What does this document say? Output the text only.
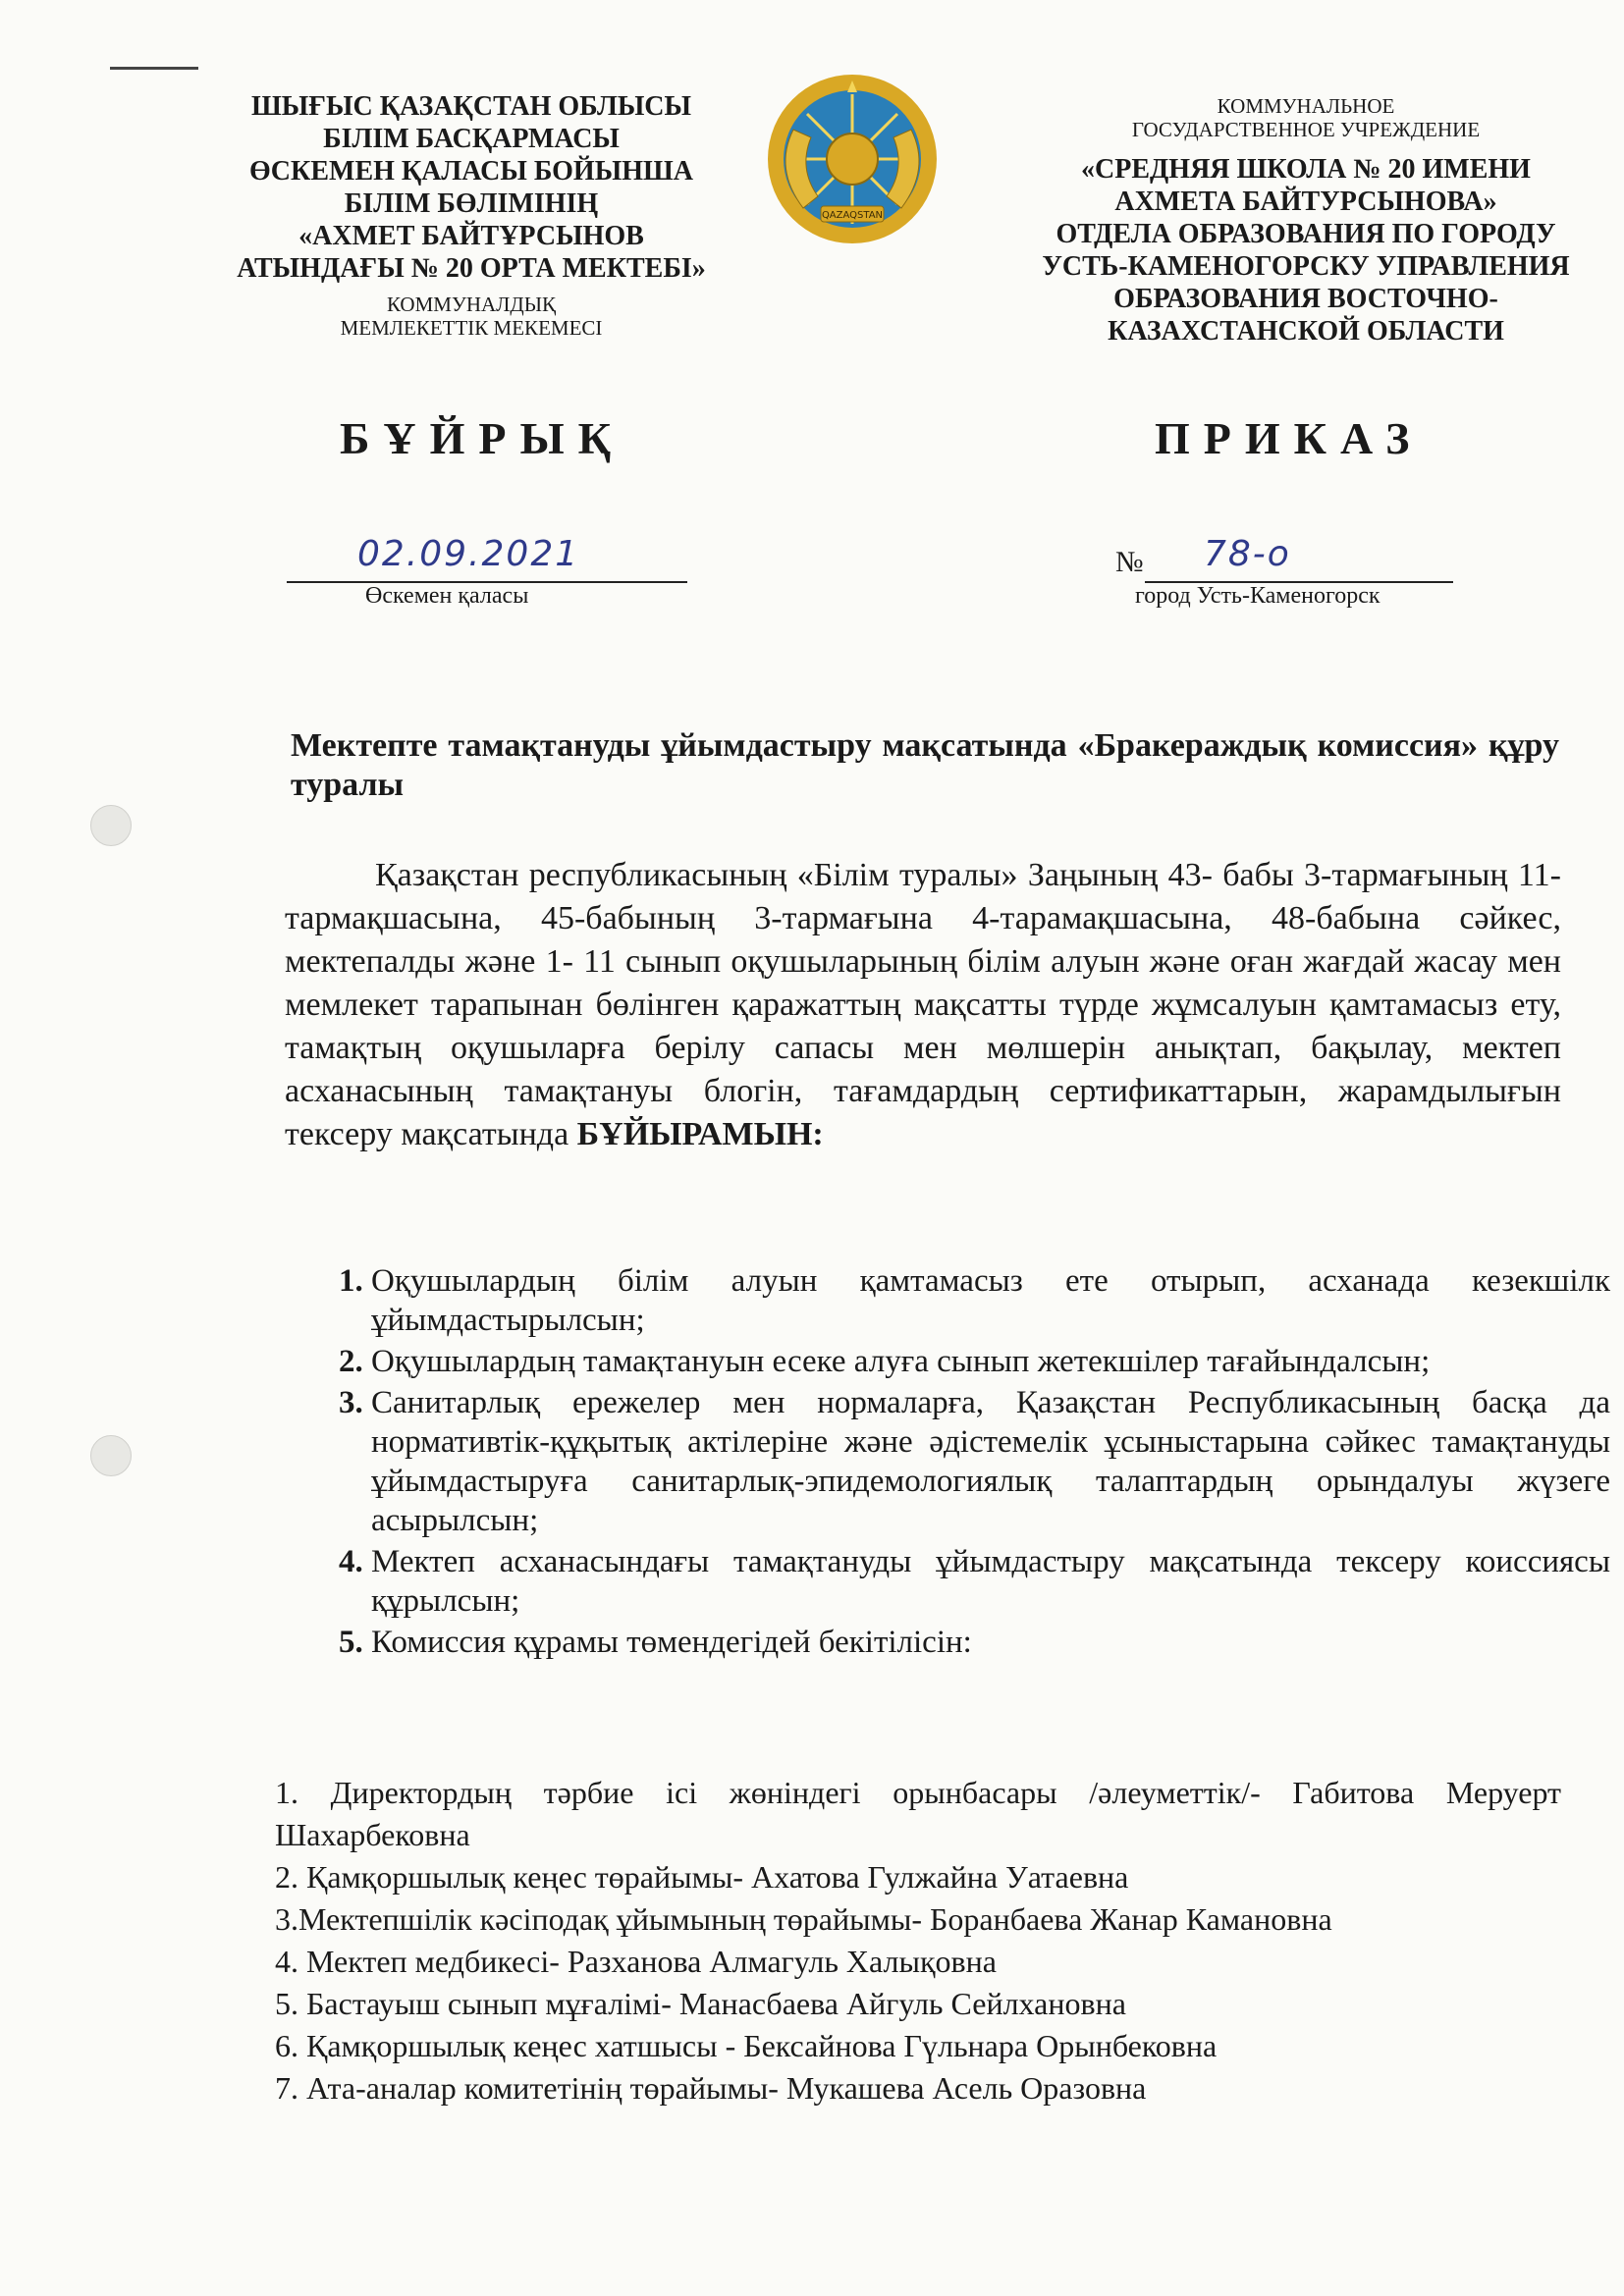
ШЫҒЫС ҚАЗАҚСТАН ОБЛЫСЫ
БІЛІМ БАСҚАРМАСЫ
ӨСКЕМЕН ҚАЛАСЫ БОЙЫНША
БІЛІМ БӨЛІМІНІҢ
«АХМЕТ БАЙТҰРСЫНОВ
АТЫНДАҒЫ № 20 ОРТА МЕКТЕБІ»
КОММУНАЛДЫҚ
МЕМЛЕКЕТТІК МЕКЕМЕСІ
QAZAQSTAN
КОММУНАЛЬНОЕ
ГОСУДАРСТВЕННОЕ УЧРЕЖДЕНИЕ
«СРЕДНЯЯ ШКОЛА № 20 ИМЕНИ
АХМЕТА БАЙТУРСЫНОВА»
ОТДЕЛА ОБРАЗОВАНИЯ ПО ГОРОДУ
УСТЬ-КАМЕНОГОРСКУ УПРАВЛЕНИЯ
ОБРАЗОВАНИЯ ВОСТОЧНО-
КАЗАХСТАНСКОЙ ОБЛАСТИ
БҰЙРЫҚ	ПРИКАЗ
02.09.2021
Өскемен қаласы
№ 78-о
город Усть-Каменогорск
Мектепте тамақтануды ұйымдастыру мақсатында «Бракераждық комиссия» құру туралы
Қазақстан республикасының «Білім туралы» Заңының 43- бабы 3-тармағының 11-тармақшасына, 45-бабының 3-тармағына 4-тарамақшасына, 48-бабына сәйкес, мектепалды және 1- 11 сынып оқушыларының білім алуын және оған жағдай жасау мен мемлекет тарапынан бөлінген қаражаттың мақсатты түрде жұмсалуын қамтамасыз ету, тамақтың оқушыларға берілу сапасы мен мөлшерін анықтап, бақылау, мектеп асханасының тамақтануы блогін, тағамдардың сертификаттарын, жарамдылығын тексеру мақсатында БҰЙЫРАМЫН:
1. Оқушылардың білім алуын қамтамасыз ете отырып, асханада кезекшілк ұйымдастырылсын;
2. Оқушылардың тамақтануын есеке алуға сынып жетекшілер тағайындалсын;
3. Санитарлық ережелер мен нормаларға, Қазақстан Республикасының басқа да нормативтік-құқытық актілеріне және әдістемелік ұсыныстарына сәйкес тамақтануды ұйымдастыруға санитарлық-эпидемологиялық талаптардың орындалуы жүзеге асырылсын;
4. Мектеп асханасындағы тамақтануды ұйымдастыру мақсатында тексеру коиссиясы құрылсын;
5. Комиссия құрамы төмендегідей бекітілісін:
1. Директордың тәрбие ісі жөніндегі орынбасары /әлеуметтік/- Габитова Меруерт Шахарбековна
2. Қамқоршылық кеңес төрайымы- Ахатова Гулжайна Уатаевна
3.Мектепшілік кәсіподақ ұйымының төрайымы- Боранбаева Жанар Камановна
4. Мектеп медбикесі- Разханова Алмагуль Халықовна
5. Бастауыш сынып мұғалімі- Манасбаева Айгуль Сейлхановна
6. Қамқоршылық кеңес хатшысы - Бексайнова Гүльнара Орынбековна
7. Ата-аналар комитетінің төрайымы- Мукашева Асель Оразовна
